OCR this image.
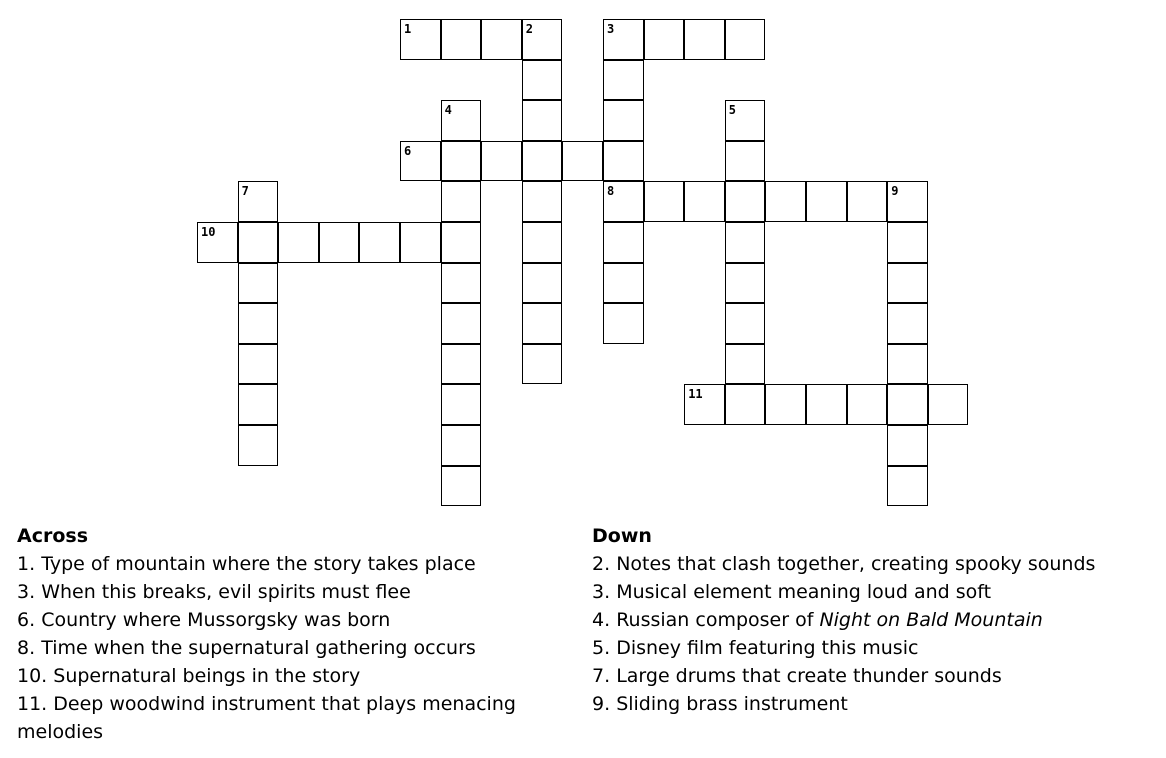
1	2	3
6
8	9
10
11
4	5
7
Across
1. Type of mountain where the story takes place
3. When this breaks, evil spirits must flee
6. Country where Mussorgsky was born
8. Time when the supernatural gathering occurs
10. Supernatural beings in the story
11. Deep woodwind instrument that plays menacing melodies
Down
2. Notes that clash together, creating spooky sounds
3. Musical element meaning loud and soft
4. Russian composer of Night on Bald Mountain
5. Disney film featuring this music
7. Large drums that create thunder sounds
9. Sliding brass instrument
